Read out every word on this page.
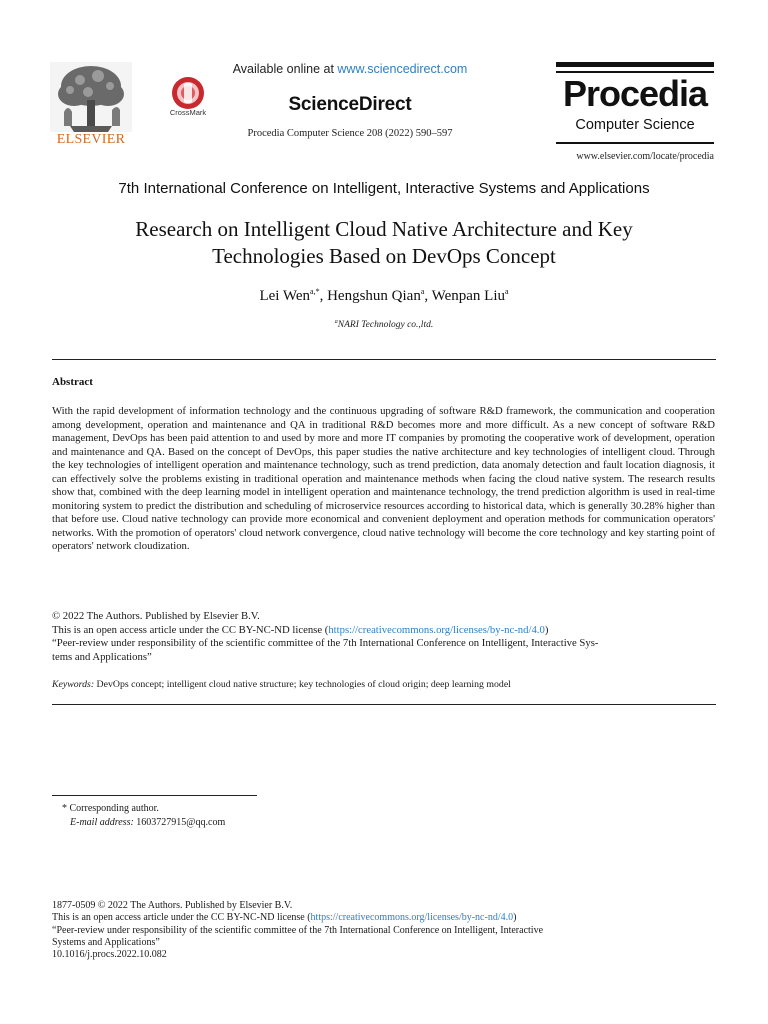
ELSEVIER
CrossMark
Available online at www.sciencedirect.com
ScienceDirect
Procedia Computer Science 208 (2022) 590–597
Procedia
Computer Science
www.elsevier.com/locate/procedia
7th International Conference on Intelligent, Interactive Systems and Applications
Research on Intelligent Cloud Native Architecture and Key
Technologies Based on DevOps Concept
Lei Wen$^{a,*}$, Hengshun Qian$^a$, Wenpan Liu$^a$
$^a$NARI Technology co.,ltd.
Abstract
With the rapid development of information technology and the continuous upgrading of software R&D framework, the communication and cooperation among development, operation and maintenance and QA in traditional R&D becomes more and more difficult. As a new concept of software R&D management, DevOps has been paid attention to and used by more and more IT companies by promoting the cooperative work of development, operation and maintenance and QA. Based on the concept of DevOps, this paper studies the native architecture and key technologies of intelligent cloud. Through the key technologies of intelligent operation and maintenance technology, such as trend prediction, data anomaly detection and fault location diagnosis, it can effectively solve the problems existing in traditional operation and maintenance methods when facing the cloud native system. The research results show that, combined with the deep learning model in intelligent operation and maintenance technology, the trend prediction algorithm is used in real-time monitoring system to predict the distribution and scheduling of microservice resources according to historical data, which is generally 30.28% higher than that before use. Cloud native technology can provide more economical and convenient deployment and operation methods for communication operators' networks. With the promotion of operators' cloud network convergence, cloud native technology will become the core technology and key starting point of operators' network cloudization.
© 2022 The Authors. Published by Elsevier B.V.
This is an open access article under the CC BY-NC-ND license (https://creativecommons.org/licenses/by-nc-nd/4.0)
“Peer-review under responsibility of the scientific committee of the 7th International Conference on Intelligent, Interactive Sys-
tems and Applications”
Keywords: DevOps concept; intelligent cloud native structure; key technologies of cloud origin; deep learning model
* Corresponding author.
E-mail address: 1603727915@qq.com
1877-0509 © 2022 The Authors. Published by Elsevier B.V.
This is an open access article under the CC BY-NC-ND license (https://creativecommons.org/licenses/by-nc-nd/4.0)
“Peer-review under responsibility of the scientific committee of the 7th International Conference on Intelligent, Interactive
Systems and Applications”
10.1016/j.procs.2022.10.082
